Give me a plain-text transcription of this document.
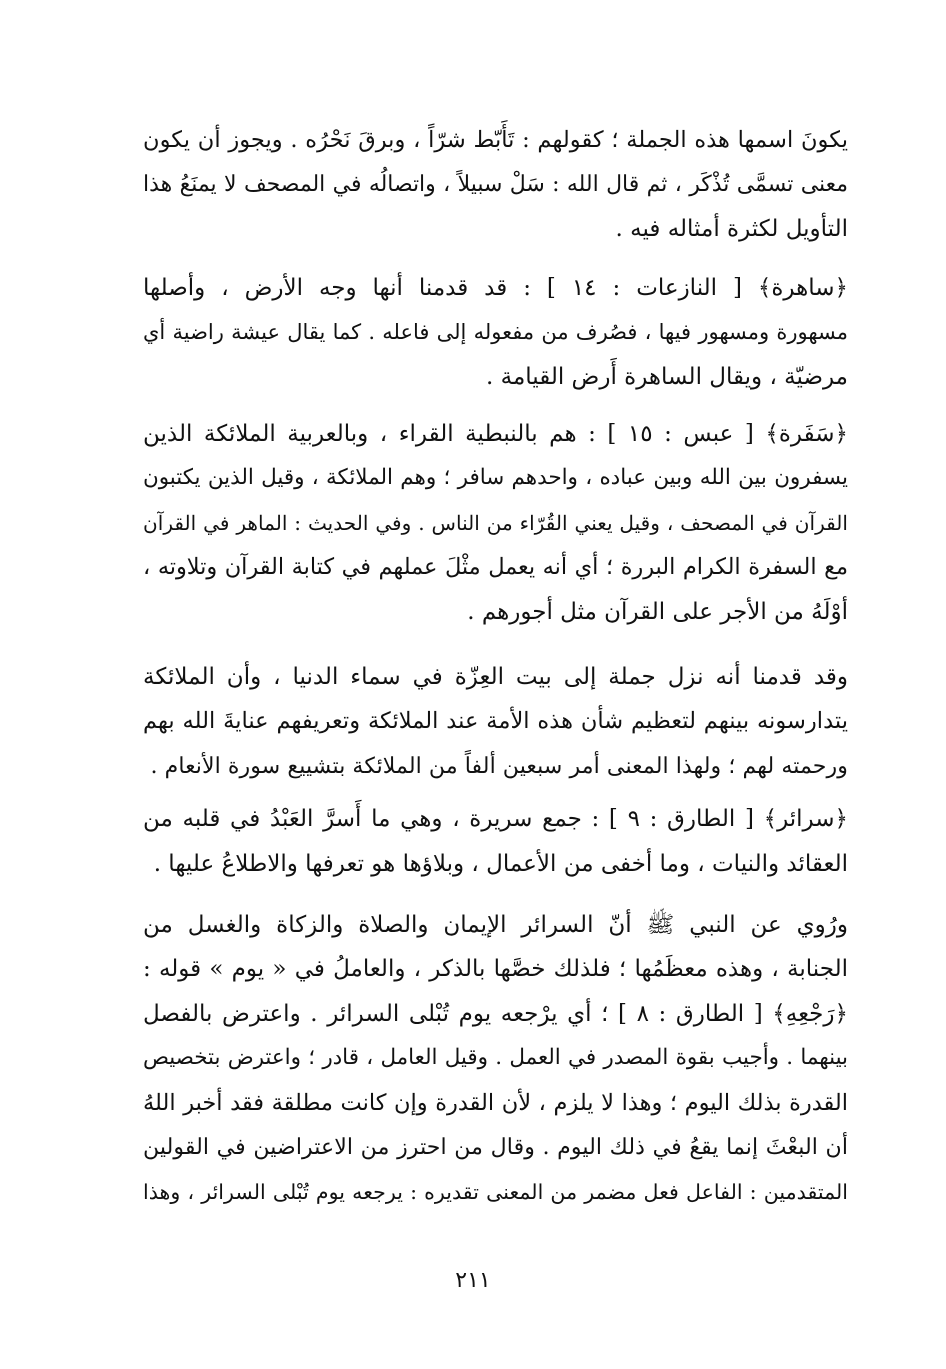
يكونَ اسمها هذه الجملة ؛ كقولهم : تَأَبّط شرّاً ، وبرقَ نَحْرُه . ويجوز أن يكون
معنى تسمَّى تُذْكَر ، ثم قال الله : سَلْ سبيلاً ، واتصالُه في المصحف لا يمنَعُ هذا
التأويل لكثرة أمثاله فيه .

﴿ساهرة﴾ [ النازعات : ١٤ ] : قد قدمنا أنها وجه الأرض ، وأصلها
مسهورة ومسهور فيها ، فصُرف من مفعوله إلى فاعله . كما يقال عيشة راضية أي
مرضيّة ، ويقال الساهرة أَرض القيامة .

﴿سَفَرة﴾ [ عبس : ١٥ ] : هم بالنبطية القراء ، وبالعربية الملائكة الذين
يسفرون بين الله وبين عباده ، واحدهم سافر ؛ وهم الملائكة ، وقيل الذين يكتبون
القرآن في المصحف ، وقيل يعني القُرّاء من الناس . وفي الحديث : الماهر في القرآن
مع السفرة الكرام البررة ؛ أي أنه يعمل مثْلَ عملهم في كتابة القرآن وتلاوته ،
أوْلَهُ من الأجر على القرآن مثل أجورهم .

وقد قدمنا أنه نزل جملة إلى بيت العِزّة في سماء الدنيا ، وأن الملائكة
يتدارسونه بينهم لتعظيم شأن هذه الأمة عند الملائكة وتعريفهم عنايةَ الله بهم
ورحمته لهم ؛ ولهذا المعنى أمر سبعين ألفاً من الملائكة بتشييع سورة الأنعام .

﴿سرائر﴾ [ الطارق : ٩ ] : جمع سريرة ، وهي ما أَسرَّ العَبْدُ في قلبه من
العقائد والنيات ، وما أخفى من الأعمال ، وبلاؤها هو تعرفها والاطلاعُ عليها .

ورُوي عن النبي ﷺ أنّ السرائر الإيمان والصلاة والزكاة والغسل من
الجنابة ، وهذه معظَمُها ؛ فلذلك خصَّها بالذكر ، والعاملُ في « يوم » قوله :
﴿رَجْعِهِ﴾ [ الطارق : ٨ ] ؛ أي يرْجعه يوم تُبْلى السرائر . واعترض بالفصل
بينهما . وأجيب بقوة المصدر في العمل . وقيل العامل ، قادر ؛ واعترض بتخصيص
القدرة بذلك اليوم ؛ وهذا لا يلزم ، لأن القدرة وإن كانت مطلقة فقد أخبر اللهُ
أن البعْثَ إنما يقعُ في ذلك اليوم . وقال من احترز من الاعتراضين في القولين
المتقدمين : الفاعل فعل مضمر من المعنى تقديره : يرجعه يوم تُبْلى السرائر ، وهذا

٢١١
